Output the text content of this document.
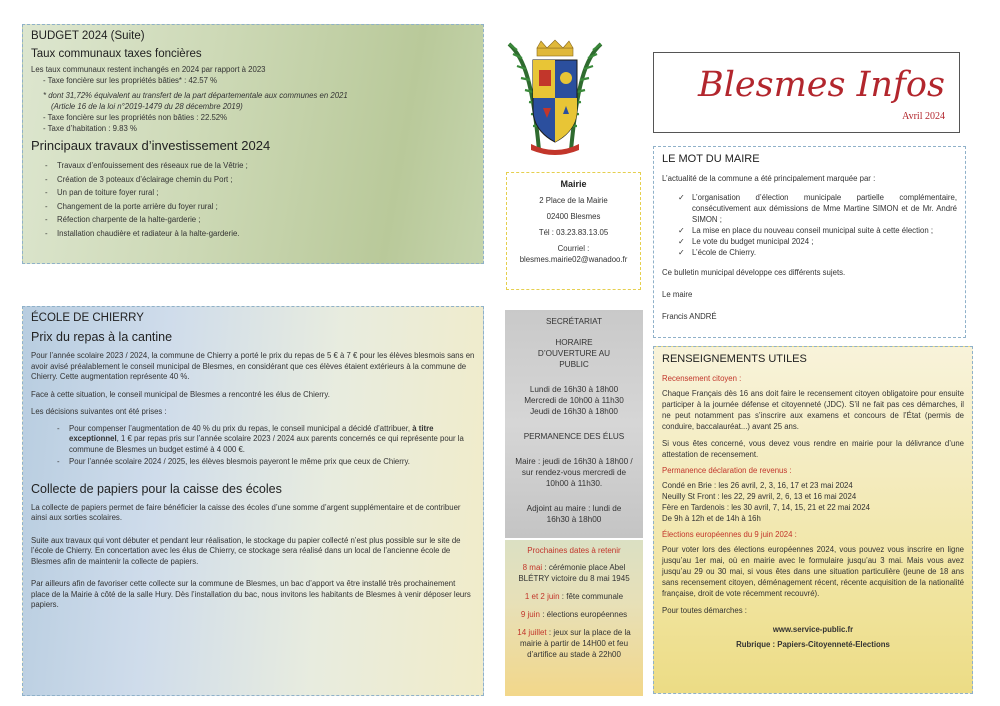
BUDGET 2024 (Suite)
Taux communaux taxes foncières
Les taux communaux restent inchangés en 2024 par rapport à 2023
- Taxe foncière sur les propriétés bâties* : 42.57 %
* dont 31,72% équivalent au transfert de la part départementale aux communes en 2021
(Article 16 de la loi n°2019-1479 du 28 décembre 2019)
- Taxe foncière sur les propriétés non bâties : 22.52%
- Taxe d’habitation : 9.83 %
Principaux travaux d’investissement 2024
- Travaux d’enfouissement des réseaux rue de la Vêtrie ;
- Création de 3 poteaux d’éclairage chemin du Port ;
- Un pan de toiture foyer rural ;
- Changement de la porte arrière du foyer rural ;
- Réfection charpente de la halte-garderie ;
- Installation chaudière et radiateur à la halte-garderie.
ÉCOLE DE CHIERRY
Prix du repas à la cantine
Pour l’année scolaire 2023 / 2024, la commune de Chierry a porté le prix du repas de 5 € à 7 € pour les élèves blesmois sans en avoir avisé préalablement le conseil municipal de Blesmes, en considérant que ces élèves étaient extérieurs à la commune de Chierry. Cette augmentation représente 40 %.
Face à cette situation, le conseil municipal de Blesmes a rencontré les élus de Chierry.
Les décisions suivantes ont été prises :
- Pour compenser l’augmentation de 40 % du prix du repas, le conseil municipal a décidé d’attribuer, à titre exceptionnel, 1 € par repas pris sur l’année scolaire 2023 / 2024 aux parents concernés ce qui représente pour la commune de Blesmes un budget estimé à 4 000 €.
- Pour l’année scolaire 2024 / 2025, les élèves blesmois payeront le même prix que ceux de Chierry.
Collecte de papiers pour la caisse des écoles
La collecte de papiers permet de faire bénéficier la caisse des écoles d’une somme d’argent supplémentaire et de contribuer ainsi aux sorties scolaires.
Suite aux travaux qui vont débuter et pendant leur réalisation, le stockage du papier collecté n’est plus possible sur le site de l’école de Chierry. En concertation avec les élus de Chierry, ce stockage sera réalisé dans un local de l’ancienne école de Blesmes afin de maintenir la collecte de papiers.
Par ailleurs afin de favoriser cette collecte sur la commune de Blesmes, un bac d’apport va être installé très prochainement place de la Mairie à côté de la salle Hury. Dès l’installation du bac, nous invitons les habitants de Blesmes à venir déposer leurs papiers.
Mairie
2 Place de la Mairie
02400 Blesmes
Tél : 03.23.83.13.05
Courriel :
blesmes.mairie02@wanadoo.fr
SECRÉTARIAT
HORAIRE D’OUVERTURE AU PUBLIC
Lundi de 16h30 à 18h00
Mercredi de 10h00 à 11h30
Jeudi de 16h30 à 18h00
PERMANENCE DES ÉLUS
Maire : jeudi de 16h30 à 18h00 / sur rendez-vous mercredi de 10h00 à 11h30.
Adjoint au maire : lundi de 16h30 à 18h00
Prochaines dates à retenir
8 mai : cérémonie place Abel BLÉTRY victoire du 8 mai 1945
1 et 2 juin : fête communale
9 juin : élections européennes
14 juillet : jeux sur la place de la mairie à partir de 14H00 et feu d’artifice au stade à 22h00
Blesmes Infos
Avril 2024
LE MOT DU MAIRE
L’actualité de la commune a été principalement marquée par :
✓ L’organisation d’élection municipale partielle complémentaire, consécutivement aux démissions de Mme Martine SIMON et de Mr. André SIMON ;
✓ La mise en place du nouveau conseil municipal suite à cette élection ;
✓ Le vote du budget municipal 2024 ;
✓ L’école de Chierry.
Ce bulletin municipal développe ces différents sujets.
Le maire
Francis ANDRÉ
RENSEIGNEMENTS UTILES
Recensement citoyen :
Chaque Français dès 16 ans doit faire le recensement citoyen obligatoire pour ensuite participer à la journée défense et citoyenneté (JDC). S’il ne fait pas ces démarches, il ne peut notamment pas s’inscrire aux examens et concours de l’État (permis de conduire, baccalauréat...) avant 25 ans.
Si vous êtes concerné, vous devez vous rendre en mairie pour la délivrance d’une attestation de recensement.
Permanence déclaration de revenus :
Condé en Brie : les 26 avril, 2, 3, 16, 17 et 23 mai 2024
Neuilly St Front : les 22, 29 avril, 2, 6, 13 et 16 mai 2024
Fère en Tardenois : les 30 avril, 7, 14, 15, 21 et 22 mai 2024
De 9h à 12h et de 14h à 16h
Élections européennes du 9 juin 2024 :
Pour voter lors des élections européennes 2024, vous pouvez vous inscrire en ligne jusqu’au 1er mai, où en mairie avec le formulaire jusqu’au 3 mai. Mais vous avez jusqu’au 29 ou 30 mai, si vous êtes dans une situation particulière (jeune de 18 ans sans recensement citoyen, déménagement récent, récente acquisition de la nationalité française, droit de vote récemment recouvré).
Pour toutes démarches :
www.service-public.fr
Rubrique : Papiers-Citoyenneté-Elections
